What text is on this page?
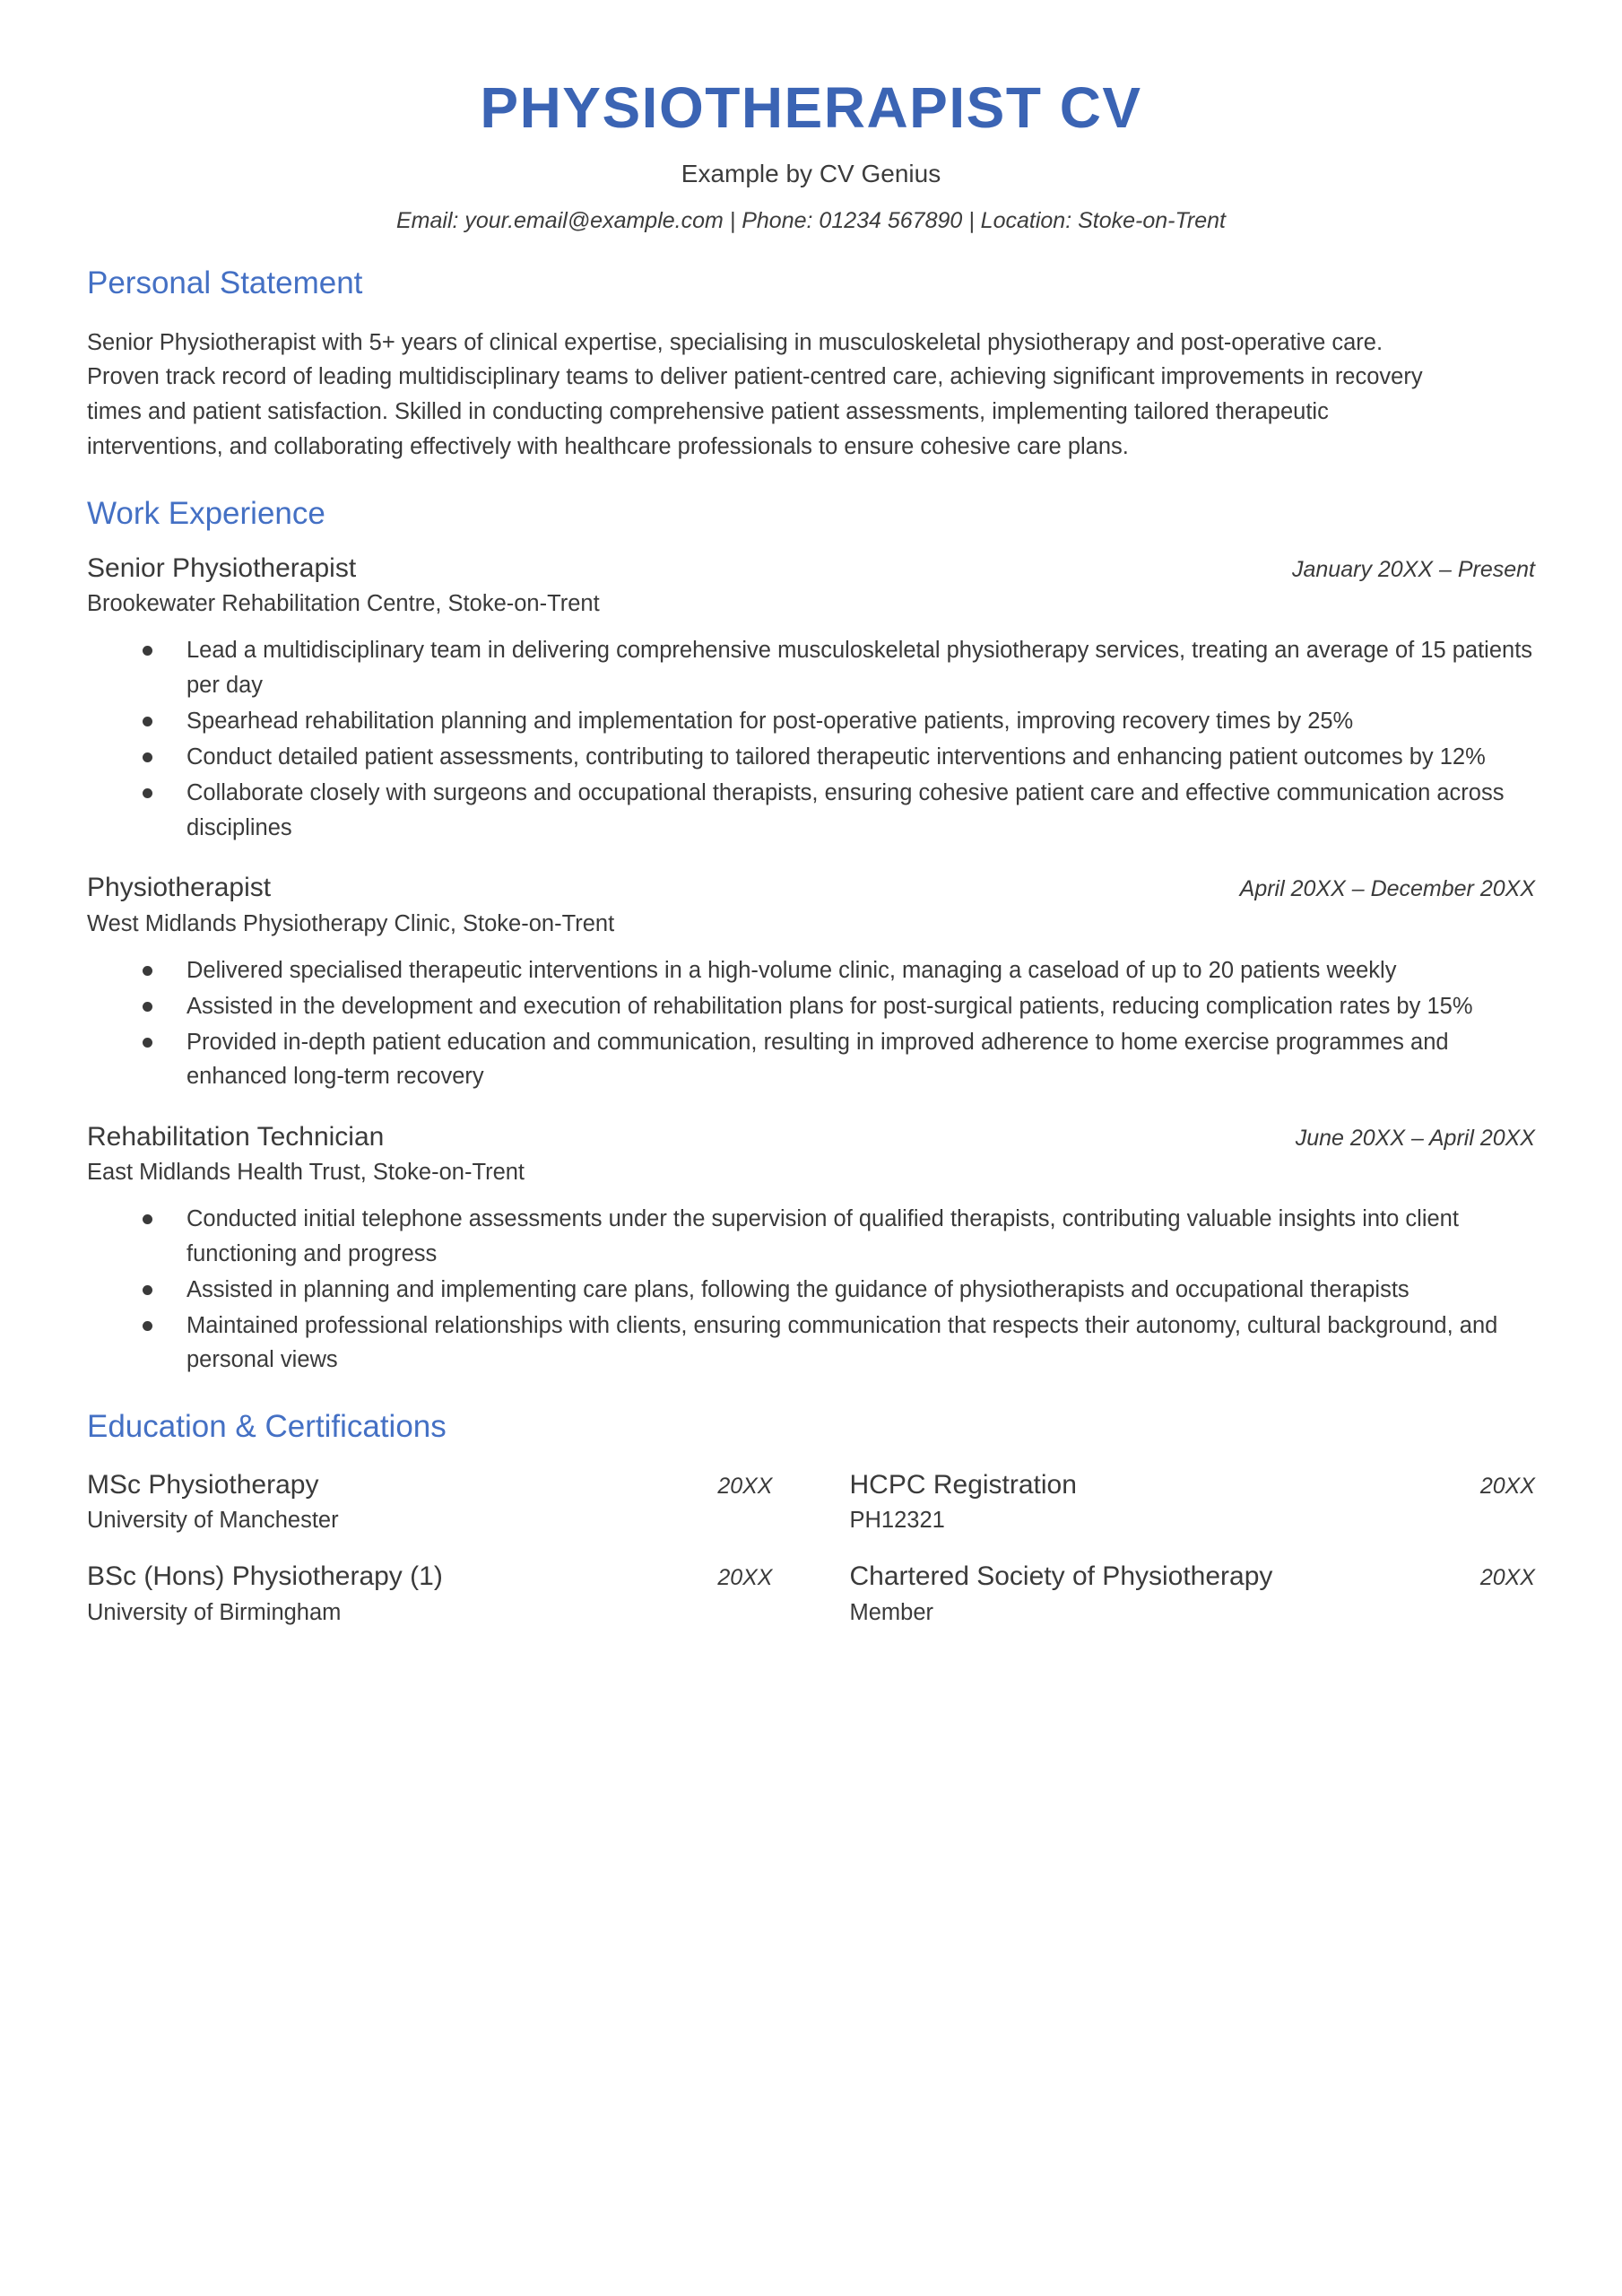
PHYSIOTHERAPIST CV
Example by CV Genius
Email: your.email@example.com | Phone: 01234 567890 | Location: Stoke-on-Trent
Personal Statement

Senior Physiotherapist with 5+ years of clinical expertise, specialising in musculoskeletal physiotherapy and post-operative care. Proven track record of leading multidisciplinary teams to deliver patient-centred care, achieving significant improvements in recovery times and patient satisfaction. Skilled in conducting comprehensive patient assessments, implementing tailored therapeutic interventions, and collaborating effectively with healthcare professionals to ensure cohesive care plans.

Work Experience
Senior Physiotherapist	January 20XX – Present
Brookewater Rehabilitation Centre, Stoke-on-Trent
Lead a multidisciplinary team in delivering comprehensive musculoskeletal physiotherapy services, treating an average of 15 patients per day
Spearhead rehabilitation planning and implementation for post-operative patients, improving recovery times by 25%
Conduct detailed patient assessments, contributing to tailored therapeutic interventions and enhancing patient outcomes by 12%
Collaborate closely with surgeons and occupational therapists, ensuring cohesive patient care and effective communication across disciplines
Physiotherapist	April 20XX – December 20XX
West Midlands Physiotherapy Clinic, Stoke-on-Trent
Delivered specialised therapeutic interventions in a high-volume clinic, managing a caseload of up to 20 patients weekly
Assisted in the development and execution of rehabilitation plans for post-surgical patients, reducing complication rates by 15%
Provided in-depth patient education and communication, resulting in improved adherence to home exercise programmes and enhanced long-term recovery
Rehabilitation Technician	June 20XX – April 20XX
East Midlands Health Trust, Stoke-on-Trent
Conducted initial telephone assessments under the supervision of qualified therapists, contributing valuable insights into client functioning and progress
Assisted in planning and implementing care plans, following the guidance of physiotherapists and occupational therapists
Maintained professional relationships with clients, ensuring communication that respects their autonomy, cultural background, and personal views
Education & Certifications
MSc Physiotherapy	20XX
University of Manchester
HCPC Registration	20XX
PH12321
BSc (Hons) Physiotherapy (1)	20XX
University of Birmingham
Chartered Society of Physiotherapy	20XX
Member
